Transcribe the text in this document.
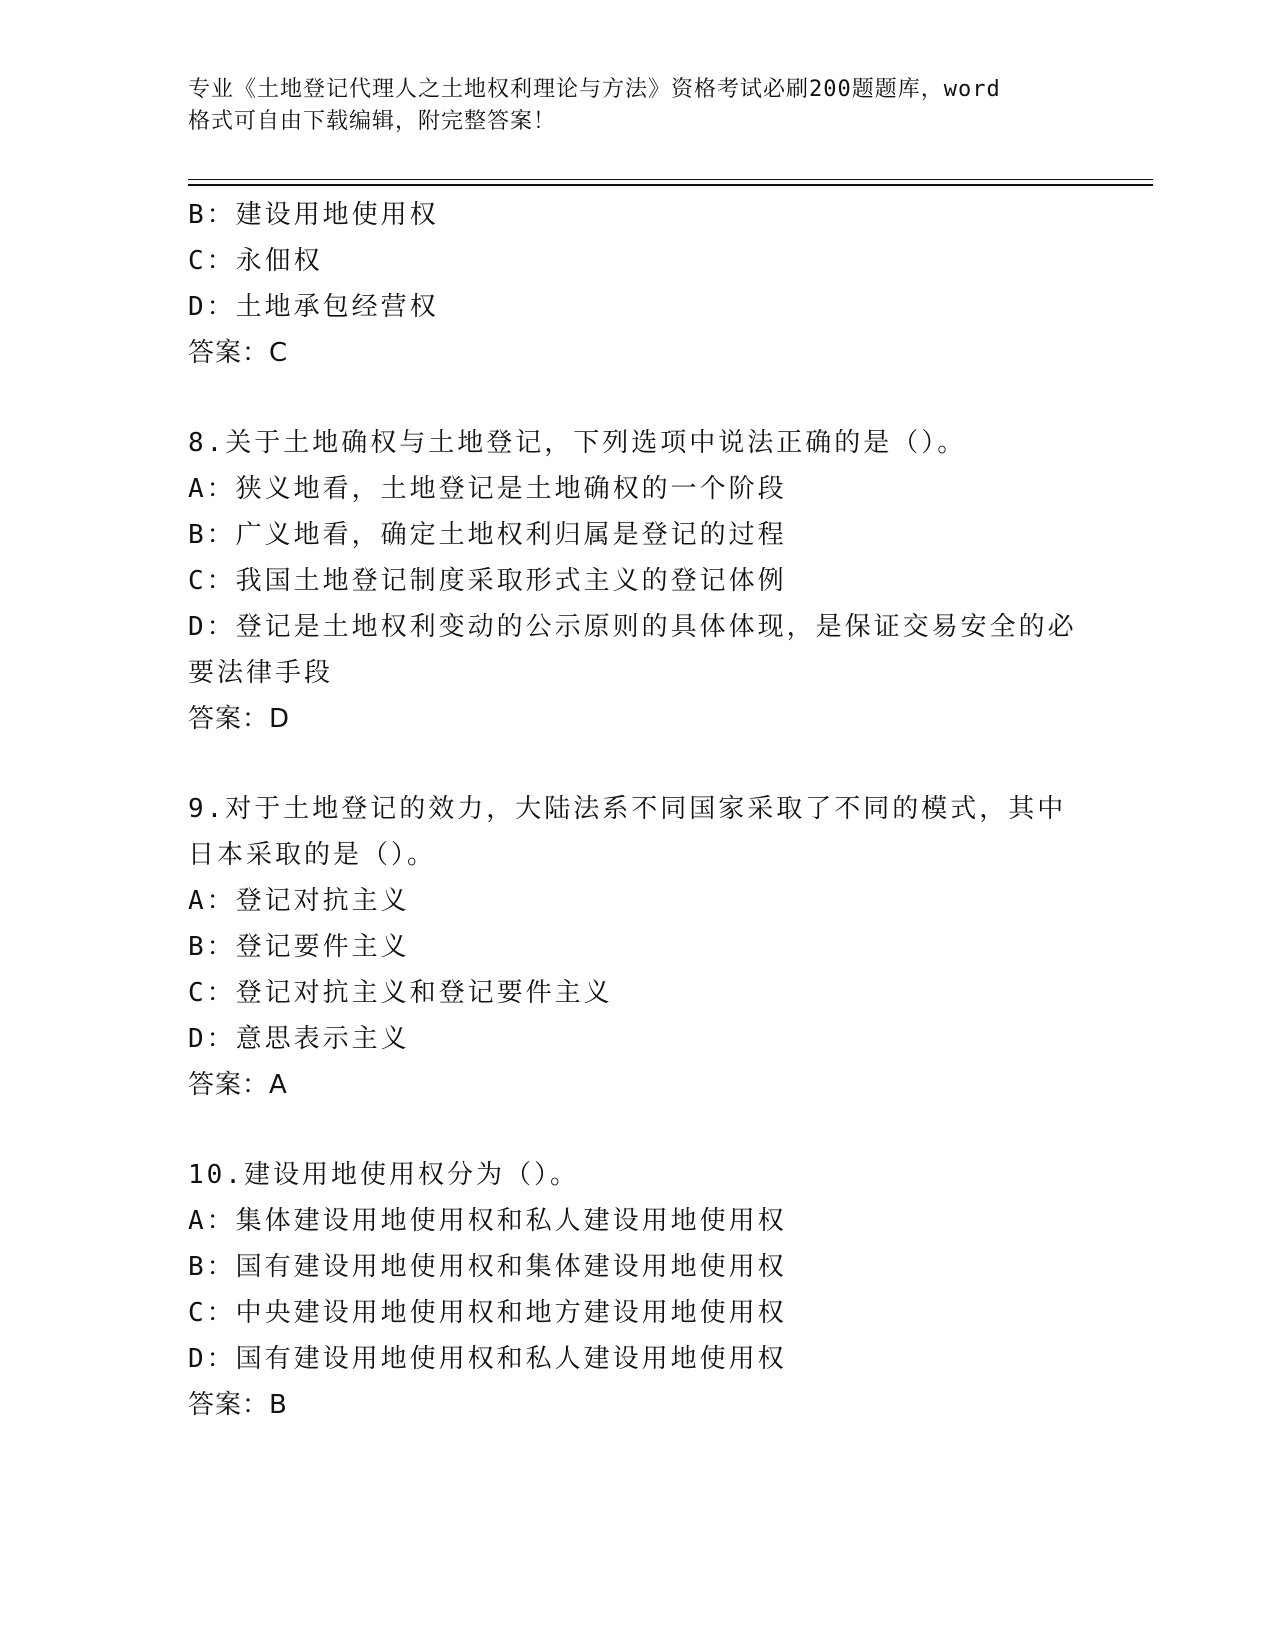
专业《土地登记代理人之土地权利理论与方法》资格考试必刷200题题库，word
格式可自由下载编辑，附完整答案！
B：建设用地使用权
C：永佃权
D：土地承包经营权
答案：C
8.关于土地确权与土地登记，下列选项中说法正确的是（）。
A：狭义地看，土地登记是土地确权的一个阶段
B：广义地看，确定土地权利归属是登记的过程
C：我国土地登记制度采取形式主义的登记体例
D：登记是土地权利变动的公示原则的具体体现，是保证交易安全的必
要法律手段
答案：D
9.对于土地登记的效力，大陆法系不同国家采取了不同的模式，其中
日本采取的是（）。
A：登记对抗主义
B：登记要件主义
C：登记对抗主义和登记要件主义
D：意思表示主义
答案：A
10.建设用地使用权分为（）。
A：集体建设用地使用权和私人建设用地使用权
B：国有建设用地使用权和集体建设用地使用权
C：中央建设用地使用权和地方建设用地使用权
D：国有建设用地使用权和私人建设用地使用权
答案：B
